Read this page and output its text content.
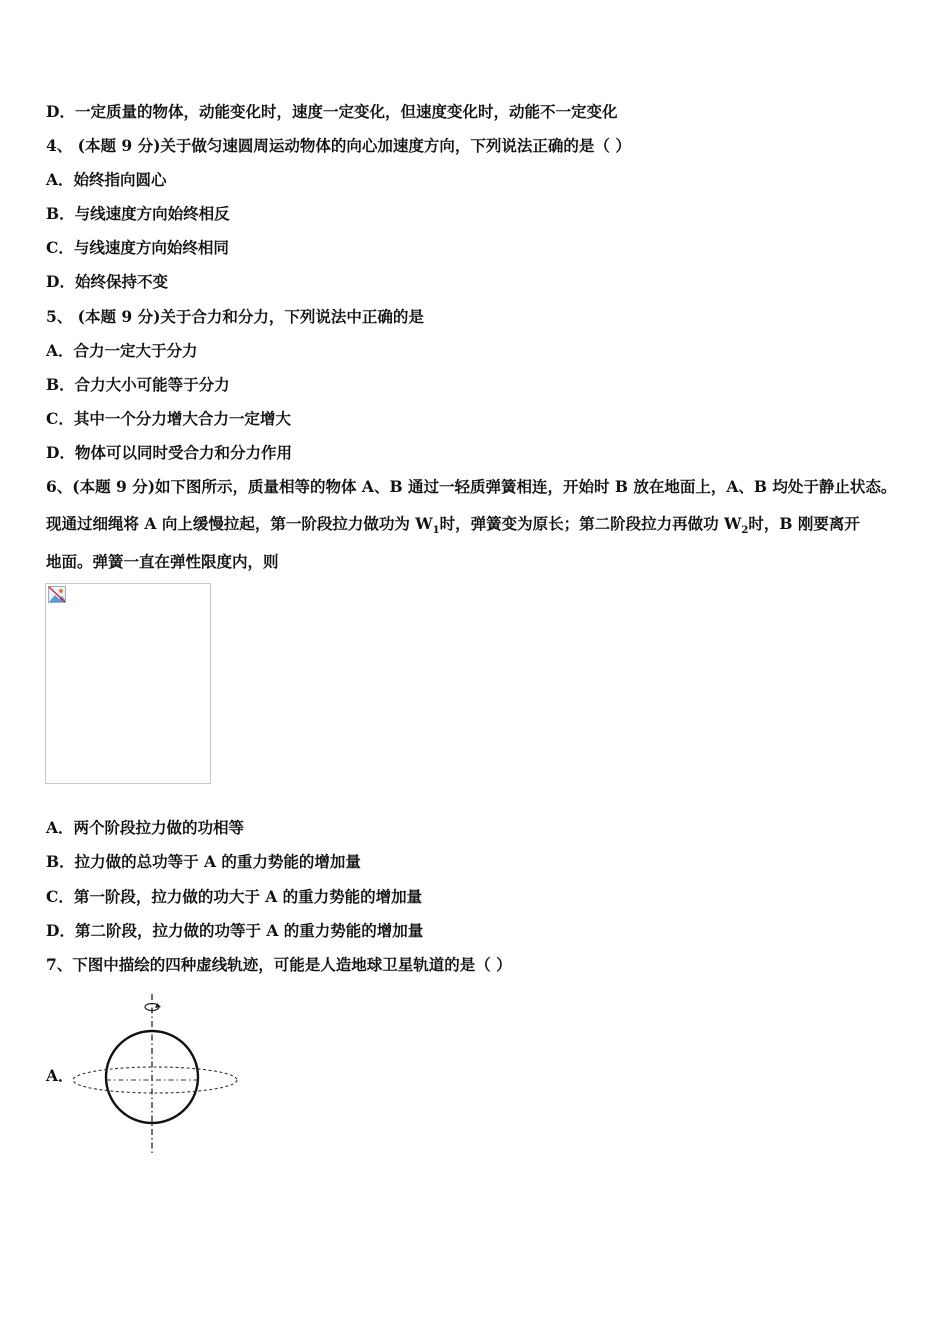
D．一定质量的物体，动能变化时，速度一定变化，但速度变化时，动能不一定变化
4、 (本题 9 分)关于做匀速圆周运动物体的向心加速度方向，下列说法正确的是（ ）
A．始终指向圆心
B．与线速度方向始终相反
C．与线速度方向始终相同
D．始终保持不变
5、 (本题 9 分)关于合力和分力，下列说法中正确的是
A．合力一定大于分力
B．合力大小可能等于分力
C．其中一个分力增大合力一定增大
D．物体可以同时受合力和分力作用
6、(本题 9 分)如下图所示，质量相等的物体 A、B 通过一轻质弹簧相连，开始时 B 放在地面上，A、B 均处于静止状态。
现通过细绳将 A 向上缓慢拉起，第一阶段拉力做功为 $W_1$时，弹簧变为原长；第二阶段拉力再做功 $W_2$时，B 刚要离开
地面。弹簧一直在弹性限度内，则
A．两个阶段拉力做的功相等
B．拉力做的总功等于 A 的重力势能的增加量
C．第一阶段，拉力做的功大于 A 的重力势能的增加量
D．第二阶段，拉力做的功等于 A 的重力势能的增加量
7、下图中描绘的四种虚线轨迹，可能是人造地球卫星轨道的是（ ）
A．
